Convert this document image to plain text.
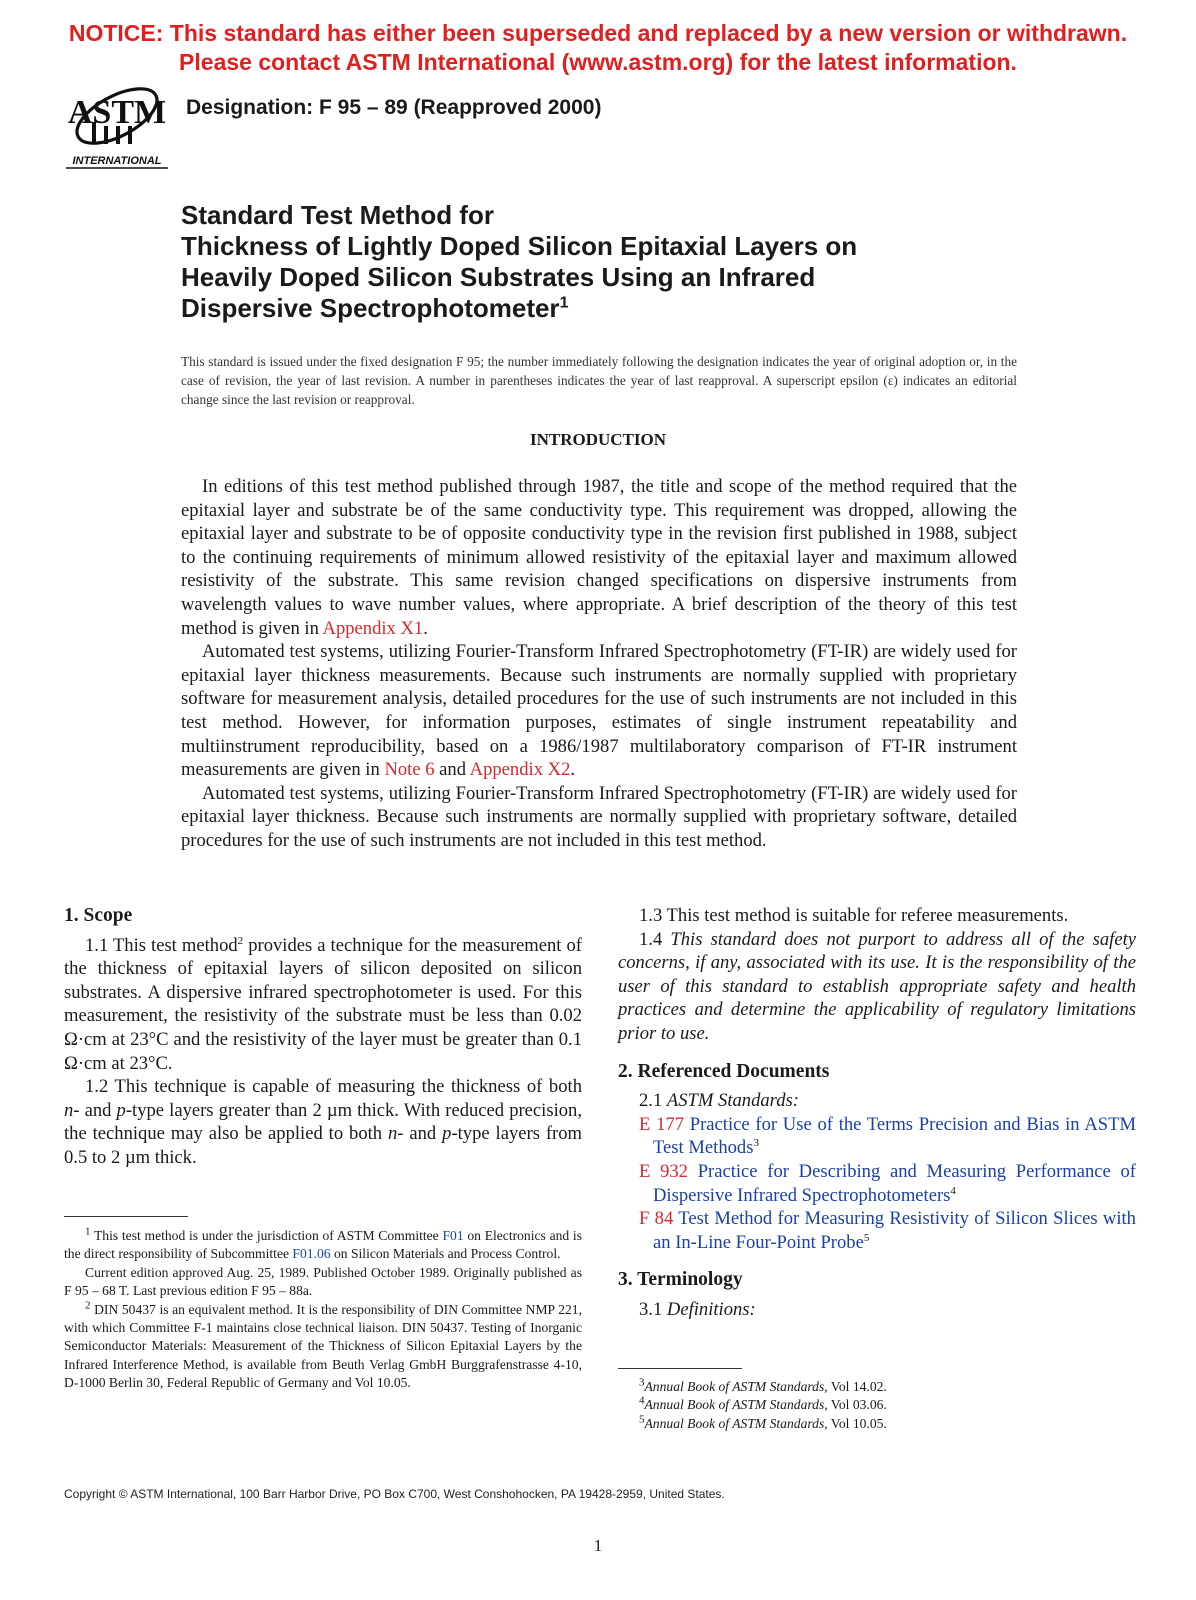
NOTICE: This standard has either been superseded and replaced by a new version or withdrawn.
Please contact ASTM International (www.astm.org) for the latest information.
ASTM
INTERNATIONAL
Designation: F 95 – 89 (Reapproved 2000)
Standard Test Method for
Thickness of Lightly Doped Silicon Epitaxial Layers on
Heavily Doped Silicon Substrates Using an Infrared
Dispersive Spectrophotometer$^1$
This standard is issued under the fixed designation F 95; the number immediately following the designation indicates the year of original adoption or, in the case of revision, the year of last revision. A number in parentheses indicates the year of last reapproval. A superscript epsilon (ε) indicates an editorial change since the last revision or reapproval.
INTRODUCTION

In editions of this test method published through 1987, the title and scope of the method required that the epitaxial layer and substrate be of the same conductivity type. This requirement was dropped, allowing the epitaxial layer and substrate to be of opposite conductivity type in the revision first published in 1988, subject to the continuing requirements of minimum allowed resistivity of the epitaxial layer and maximum allowed resistivity of the substrate. This same revision changed specifications on dispersive instruments from wavelength values to wave number values, where appropriate. A brief description of the theory of this test method is given in Appendix X1.

Automated test systems, utilizing Fourier-Transform Infrared Spectrophotometry (FT-IR) are widely used for epitaxial layer thickness measurements. Because such instruments are normally supplied with proprietary software for measurement analysis, detailed procedures for the use of such instruments are not included in this test method. However, for information purposes, estimates of single instrument repeatability and multiinstrument reproducibility, based on a 1986/1987 multilaboratory comparison of FT-IR instrument measurements are given in Note 6 and Appendix X2.

Automated test systems, utilizing Fourier-Transform Infrared Spectrophotometry (FT-IR) are widely used for epitaxial layer thickness. Because such instruments are normally supplied with proprietary software, detailed procedures for the use of such instruments are not included in this test method.

1. Scope

1.1 This test method$^2$ provides a technique for the measurement of the thickness of epitaxial layers of silicon deposited on silicon substrates. A dispersive infrared spectrophotometer is used. For this measurement, the resistivity of the substrate must be less than 0.02 Ω·cm at 23°C and the resistivity of the layer must be greater than 0.1 Ω·cm at 23°C.

1.2 This technique is capable of measuring the thickness of both n- and p-type layers greater than 2 µm thick. With reduced precision, the technique may also be applied to both n- and p-type layers from 0.5 to 2 µm thick.

$^1$ This test method is under the jurisdiction of ASTM Committee F01 on Electronics and is the direct responsibility of Subcommittee F01.06 on Silicon Materials and Process Control.

Current edition approved Aug. 25, 1989. Published October 1989. Originally published as F 95 – 68 T. Last previous edition F 95 – 88a.

$^2$ DIN 50437 is an equivalent method. It is the responsibility of DIN Committee NMP 221, with which Committee F-1 maintains close technical liaison. DIN 50437. Testing of Inorganic Semiconductor Materials: Measurement of the Thickness of Silicon Epitaxial Layers by the Infrared Interference Method, is available from Beuth Verlag GmbH Burggrafenstrasse 4-10, D-1000 Berlin 30, Federal Republic of Germany and Vol 10.05.

1.3 This test method is suitable for referee measurements.

1.4 This standard does not purport to address all of the safety concerns, if any, associated with its use. It is the responsibility of the user of this standard to establish appropriate safety and health practices and determine the applicability of regulatory limitations prior to use.

2. Referenced Documents

2.1 ASTM Standards:

E 177 Practice for Use of the Terms Precision and Bias in ASTM Test Methods$^3$

E 932 Practice for Describing and Measuring Performance of Dispersive Infrared Spectrophotometers$^4$

F 84 Test Method for Measuring Resistivity of Silicon Slices with an In-Line Four-Point Probe$^5$

3. Terminology

3.1 Definitions:

$^3$Annual Book of ASTM Standards, Vol 14.02.

$^4$Annual Book of ASTM Standards, Vol 03.06.

$^5$Annual Book of ASTM Standards, Vol 10.05.

Copyright © ASTM International, 100 Barr Harbor Drive, PO Box C700, West Conshohocken, PA 19428-2959, United States.
1
